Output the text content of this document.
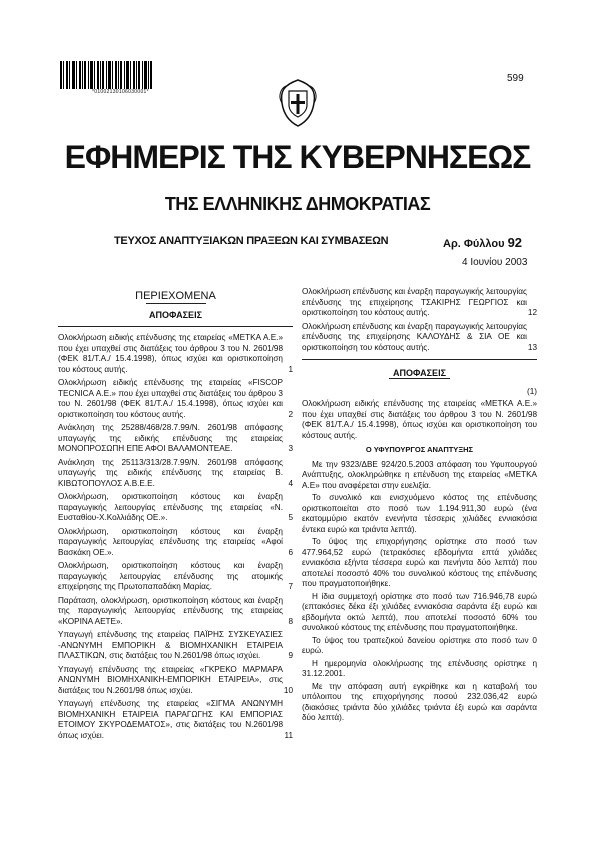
*01002130106030001*
599
ΕΦΗΜΕΡΙΣ ΤΗΣ ΚΥΒΕΡΝΗΣΕΩΣ
ΤΗΣ ΕΛΛΗΝΙΚΗΣ ΔΗΜΟΚΡΑΤΙΑΣ
ΤΕΥΧΟΣ ΑΝΑΠΤΥΞΙΑΚΩΝ ΠΡΑΞΕΩΝ ΚΑΙ ΣΥΜΒΑΣΕΩΝ	Αρ. Φύλλου 92
4 Ιουνίου 2003
ΠΕΡΙΕΧΟΜΕΝΑ
ΑΠΟΦΑΣΕΙΣ
Ολοκλήρωση ειδικής επένδυσης της εταιρείας «ΜΕΤΚΑ Α.Ε.» που έχει υπαχθεί στις διατάξεις του άρθρου 3 του Ν. 2601/98 (ΦΕΚ 81/Τ.Α./ 15.4.1998), όπως ισχύει και οριστικοποίηση του κόστους αυτής.	1
Ολοκλήρωση ειδικής επένδυσης της εταιρείας «FISCOP TECNICA Α.Ε.» που έχει υπαχθεί στις διατάξεις του άρθρου 3 του Ν. 2601/98 (ΦΕΚ 81/Τ.Α./ 15.4.1998), όπως ισχύει και οριστικοποίηση του κόστους αυτής.	2
Ανάκληση της 25288/468/28.7.99/Ν. 2601/98 απόφασης υπαγωγής της ειδικής επένδυσης της εταιρείας ΜΟΝΟΠΡΟΣΩΠΗ ΕΠΕ ΑΦΟΙ ΒΑΛΑΜΟΝΤΕΑΕ.	3
Ανάκληση της 25113/313/28.7.99/Ν. 2601/98 απόφασης υπαγωγής της ειδικής επένδυσης της εταιρείας Β. ΚΙΒΩΤΟΠΟΥΛΟΣ Α.Β.Ε.Ε.	4
Ολοκλήρωση, οριστικοποίηση κόστους και έναρξη παραγωγικής λειτουργίας επένδυσης της εταιρείας «Ν. Ευσταθίου-Χ.Κολλιάδης ΟΕ.».	5
Ολοκλήρωση, οριστικοποίηση κόστους και έναρξη παραγωγικής λειτουργίας επένδυσης της εταιρείας «Αφοί Βασκάκη ΟΕ.».	6
Ολοκλήρωση, οριστικοποίηση κόστους και έναρξη παραγωγικής λειτουργίας επένδυσης της ατομικής επιχείρησης της Πρωτοπαπαδάκη Μαρίας.	7
Παράταση, ολοκλήρωση, οριστικοποίηση κόστους και έναρξη της παραγωγικής λειτουργίας επένδυσης της εταιρείας «ΚΟΡΙΝΑ ΑΕΤΕ».	8
Υπαγωγή επένδυσης της εταιρείας ΠΑΪΡΗΣ ΣΥΣΚΕΥΑΣΙΕΣ -ΑΝΩΝΥΜΗ ΕΜΠΟΡΙΚΗ & ΒΙΟΜΗΧΑΝΙΚΗ ΕΤΑΙΡΕΙΑ ΠΛΑΣΤΙΚΩΝ, στις διατάξεις του Ν.2601/98 όπως ισχύει.	9
Υπαγωγή επένδυσης της εταιρείας «ΓΚΡΕΚΟ ΜΑΡΜΑΡΑ ΑΝΩΝΥΜΗ ΒΙΟΜΗΧΑΝΙΚΗ-ΕΜΠΟΡΙΚΗ ΕΤΑΙΡΕΙΑ», στις διατάξεις του Ν.2601/98 όπως ισχύει.	10
Υπαγωγή επένδυσης της εταιρείας «ΣΙΓΜΑ ΑΝΩΝΥΜΗ ΒΙΟΜΗΧΑΝΙΚΗ ΕΤΑΙΡΕΙΑ ΠΑΡΑΓΩΓΗΣ ΚΑΙ ΕΜΠΟΡΙΑΣ ΕΤΟΙΜΟΥ ΣΚΥΡΟΔΕΜΑΤΟΣ», στις διατάξεις του Ν.2601/98 όπως ισχύει.	11
Ολοκλήρωση επένδυσης και έναρξη παραγωγικής λειτουργίας επένδυσης της επιχείρησης ΤΣΑΚΙΡΗΣ ΓΕΩΡΓΙΟΣ και οριστικοποίηση του κόστους αυτής.	12
Ολοκλήρωση επένδυσης και έναρξη παραγωγικής λειτουργίας επένδυσης της επιχείρησης ΚΑΛΟΥΔΗΣ & ΣΙΑ ΟΕ και οριστικοποίηση του κόστους αυτής.	13
ΑΠΟΦΑΣΕΙΣ
(1)
Ολοκλήρωση ειδικής επένδυσης της εταιρείας «ΜΕΤΚΑ Α.Ε.» που έχει υπαχθεί στις διατάξεις του άρθρου 3 του Ν. 2601/98 (ΦΕΚ 81/Τ.Α./ 15.4.1998), όπως ισχύει και οριστικοποίηση του κόστους αυτής.
Ο ΥΦΥΠΟΥΡΓΟΣ ΑΝΑΠΤΥΞΗΣ
Με την 9323/ΔΒΕ 924/20.5.2003 απόφαση του Υφυπουργού Ανάπτυξης, ολοκληρώθηκε η επένδυση της εταιρείας «ΜΕΤΚΑ Α.Ε» που αναφέρεται στην ευελιξία.
Το συνολικό και ενισχυόμενο κόστος της επένδυσης οριστικοποιείται στο ποσό των 1.194.911,30 ευρώ (ένα εκατομμύριο εκατόν ενενήντα τέσσερις χιλιάδες εννιακόσια έντεκα ευρώ και τριάντα λεπτά).
Το ύψος της επιχορήγησης ορίστηκε στο ποσό των 477.964,52 ευρώ (τετρακόσιες εβδομήντα επτά χιλιάδες εννιακόσια εξήντα τέσσερα ευρώ και πενήντα δύο λεπτά) που αποτελεί ποσοστό 40% του συνολικού κόστους της επένδυσης που πραγματοποιήθηκε.
Η ίδια συμμετοχή ορίστηκε στο ποσό των 716.946,78 ευρώ (επτακόσιες δέκα έξι χιλιάδες εννιακόσια σαράντα έξι ευρώ και εβδομήντα οκτώ λεπτά), που αποτελεί ποσοστό 60% του συνολικού κόστους της επένδυσης που πραγματοποιήθηκε.
Το ύψος του τραπεζικού δανείου ορίστηκε στο ποσό των 0 ευρώ.
Η ημερομηνία ολοκλήρωσης της επένδυσης ορίστηκε η 31.12.2001.
Με την απόφαση αυτή εγκρίθηκε και η καταβολή του υπόλοιπου της επιχορήγησης ποσού 232.036,42 ευρώ (διακόσιες τριάντα δύο χιλιάδες τριάντα έξι ευρώ και σαράντα δύο λεπτά).
